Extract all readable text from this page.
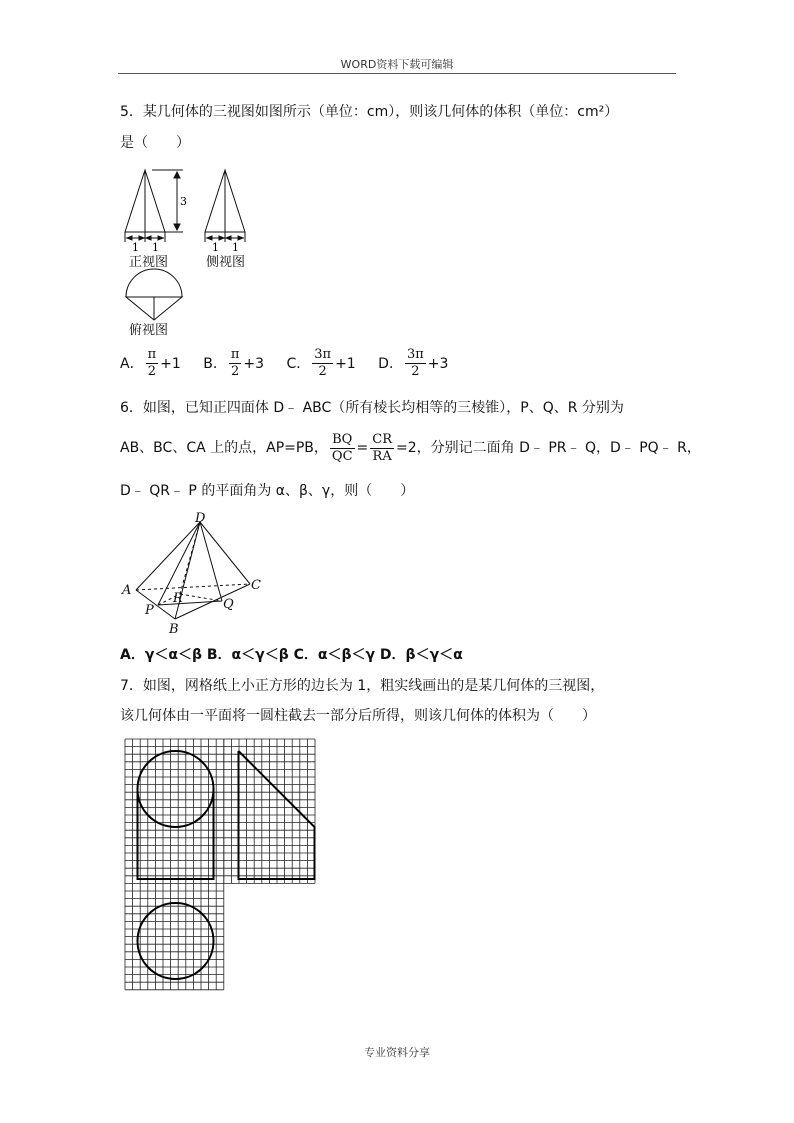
WORD资料下载可编辑
5．某几何体的三视图如图所示（单位：cm），则该几何体的体积（单位：cm²）
是（　　）
3
1 1	1 1
正视图	侧视图
俯视图
A． $\frac{\pi}{2} +1$ B． $\frac{\pi}{2} +3$ C． $\frac{3\pi}{2} +1$ D． $\frac{3\pi}{2} +3$
6．如图，已知正四面体 D﹣ ABC（所有棱长均相等的三棱锥），P、Q、R 分别为
AB、BC、CA 上的点，AP=PB， $\frac{BQ}{QC} = \frac{CR}{RA} =2$，分别记二面角 D﹣ PR﹣ Q，D﹣ PQ﹣ R，
D﹣ QR﹣ P 的平面角为 α、β、γ，则（　　）
D
A	C
R
P	Q
B
A．γ＜α＜β B．α＜γ＜β C．α＜β＜γ D．β＜γ＜α
7．如图，网格纸上小正方形的边长为 1，粗实线画出的是某几何体的三视图，
该几何体由一平面将一圆柱截去一部分后所得，则该几何体的体积为（　　）
专业资料分享
